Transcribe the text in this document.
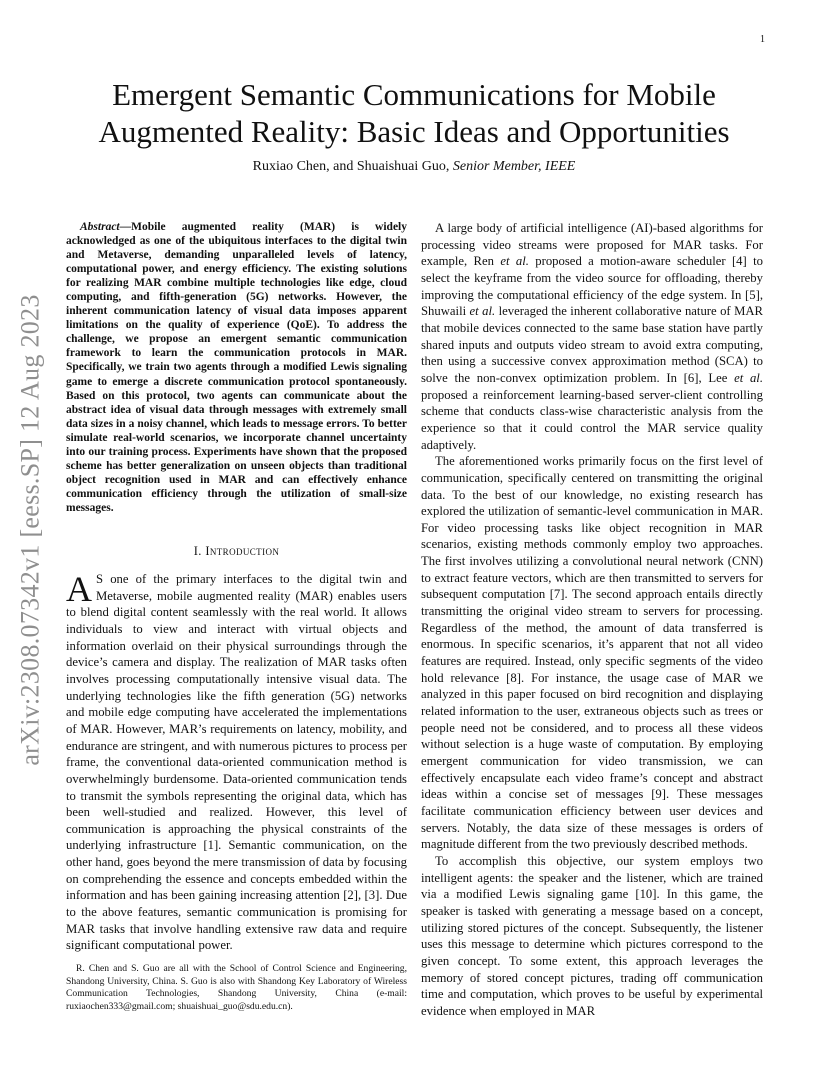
1
arXiv:2308.07342v1 [eess.SP] 12 Aug 2023
Emergent Semantic Communications for Mobile Augmented Reality: Basic Ideas and Opportunities
Ruxiao Chen, and Shuaishuai Guo, Senior Member, IEEE

Abstract—Mobile augmented reality (MAR) is widely acknowledged as one of the ubiquitous interfaces to the digital twin and Metaverse, demanding unparalleled levels of latency, computational power, and energy efficiency. The existing solutions for realizing MAR combine multiple technologies like edge, cloud computing, and fifth-generation (5G) networks. However, the inherent communication latency of visual data imposes apparent limitations on the quality of experience (QoE). To address the challenge, we propose an emergent semantic communication framework to learn the communication protocols in MAR. Specifically, we train two agents through a modified Lewis signaling game to emerge a discrete communication protocol spontaneously. Based on this protocol, two agents can communicate about the abstract idea of visual data through messages with extremely small data sizes in a noisy channel, which leads to message errors. To better simulate real-world scenarios, we incorporate channel uncertainty into our training process. Experiments have shown that the proposed scheme has better generalization on unseen objects than traditional object recognition used in MAR and can effectively enhance communication efficiency through the utilization of small-size messages.

I. Introduction

A S one of the primary interfaces to the digital twin and Metaverse, mobile augmented reality (MAR) enables users to blend digital content seamlessly with the real world. It allows individuals to view and interact with virtual objects and information overlaid on their physical surroundings through the device’s camera and display. The realization of MAR tasks often involves processing computationally intensive visual data. The underlying technologies like the fifth generation (5G) networks and mobile edge computing have accelerated the implementations of MAR. However, MAR’s requirements on latency, mobility, and endurance are stringent, and with numerous pictures to process per frame, the conventional data-oriented communication method is overwhelmingly burdensome. Data-oriented communication tends to transmit the symbols representing the original data, which has been well-studied and realized. However, this level of communication is approaching the physical constraints of the underlying infrastructure [1]. Semantic communication, on the other hand, goes beyond the mere transmission of data by focusing on comprehending the essence and concepts embedded within the information and has been gaining increasing attention [2], [3]. Due to the above features, semantic communication is promising for MAR tasks that involve handling extensive raw data and require significant computational power.

R. Chen and S. Guo are all with the School of Control Science and Engineering, Shandong University, China. S. Guo is also with Shandong Key Laboratory of Wireless Communication Technologies, Shandong University, China (e-mail: ruxiaochen333@gmail.com; shuaishuai_guo@sdu.edu.cn).

A large body of artificial intelligence (AI)-based algorithms for processing video streams were proposed for MAR tasks. For example, Ren et al. proposed a motion-aware scheduler [4] to select the keyframe from the video source for offloading, thereby improving the computational efficiency of the edge system. In [5], Shuwaili et al. leveraged the inherent collaborative nature of MAR that mobile devices connected to the same base station have partly shared inputs and outputs video stream to avoid extra computing, then using a successive convex approximation method (SCA) to solve the non-convex optimization problem. In [6], Lee et al. proposed a reinforcement learning-based server-client controlling scheme that conducts class-wise characteristic analysis from the experience so that it could control the MAR service quality adaptively.

The aforementioned works primarily focus on the first level of communication, specifically centered on transmitting the original data. To the best of our knowledge, no existing research has explored the utilization of semantic-level communication in MAR. For video processing tasks like object recognition in MAR scenarios, existing methods commonly employ two approaches. The first involves utilizing a convolutional neural network (CNN) to extract feature vectors, which are then transmitted to servers for subsequent computation [7]. The second approach entails directly transmitting the original video stream to servers for processing. Regardless of the method, the amount of data transferred is enormous. In specific scenarios, it’s apparent that not all video features are required. Instead, only specific segments of the video hold relevance [8]. For instance, the usage case of MAR we analyzed in this paper focused on bird recognition and displaying related information to the user, extraneous objects such as trees or people need not be considered, and to process all these videos without selection is a huge waste of computation. By employing emergent communication for video transmission, we can effectively encapsulate each video frame’s concept and abstract ideas within a concise set of messages [9]. These messages facilitate communication efficiency between user devices and servers. Notably, the data size of these messages is orders of magnitude different from the two previously described methods.

To accomplish this objective, our system employs two intelligent agents: the speaker and the listener, which are trained via a modified Lewis signaling game [10]. In this game, the speaker is tasked with generating a message based on a concept, utilizing stored pictures of the concept. Subsequently, the listener uses this message to determine which pictures correspond to the given concept. To some extent, this approach leverages the memory of stored concept pictures, trading off communication time and computation, which proves to be useful by experimental evidence when employed in MAR
